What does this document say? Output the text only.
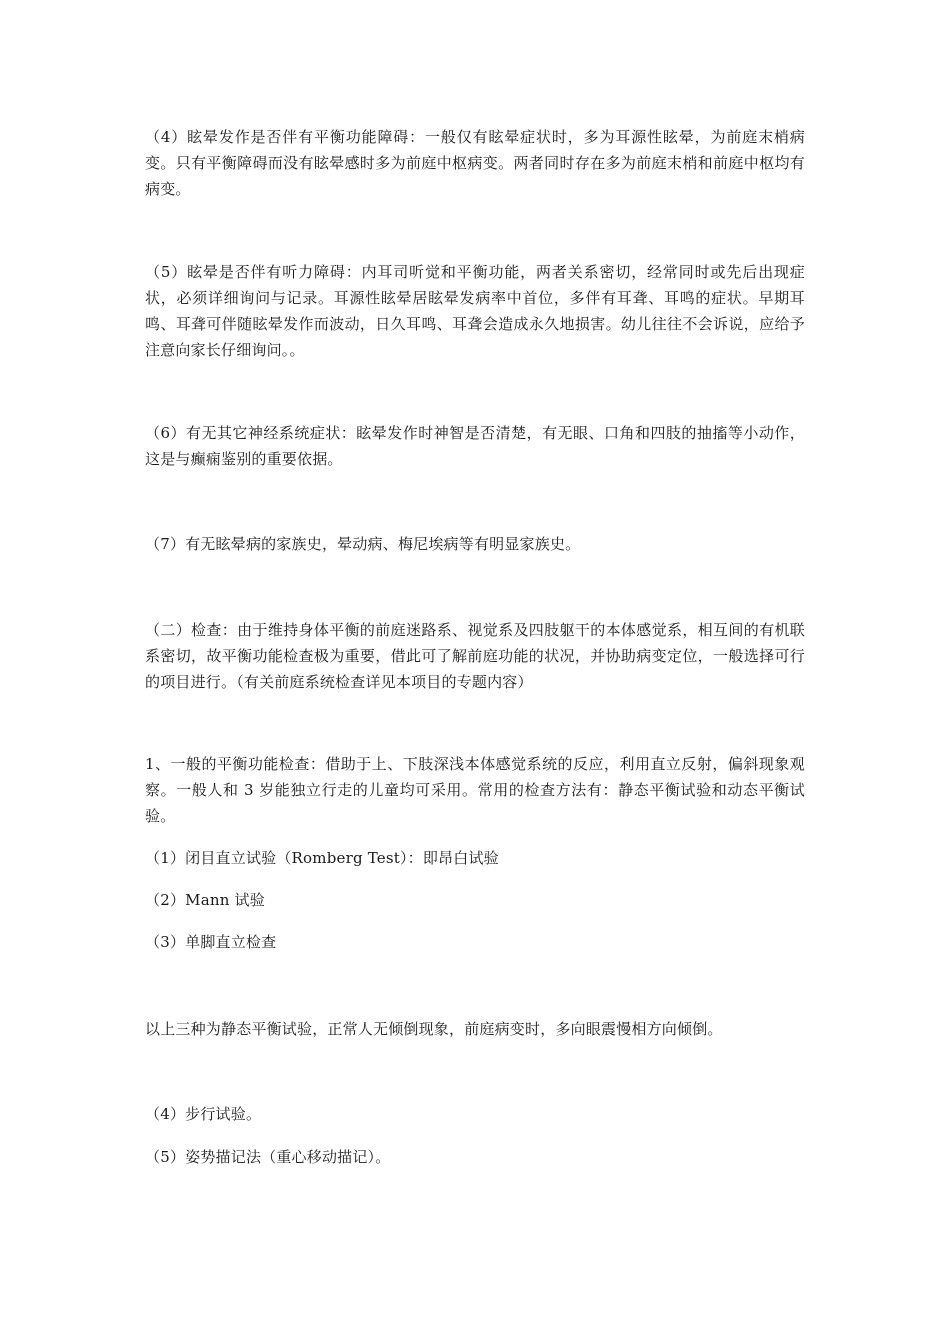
（4）眩晕发作是否伴有平衡功能障碍：一般仅有眩晕症状时，多为耳源性眩晕，为前庭末梢病变。只有平衡障碍而没有眩晕感时多为前庭中枢病变。两者同时存在多为前庭末梢和前庭中枢均有病变。

（5）眩晕是否伴有听力障碍：内耳司听觉和平衡功能，两者关系密切，经常同时或先后出现症状，必须详细询问与记录。耳源性眩晕居眩晕发病率中首位，多伴有耳聋、耳鸣的症状。早期耳鸣、耳聋可伴随眩晕发作而波动，日久耳鸣、耳聋会造成永久地损害。幼儿往往不会诉说，应给予注意向家长仔细询问。。

（6）有无其它神经系统症状：眩晕发作时神智是否清楚，有无眼、口角和四肢的抽搐等小动作，这是与癫痫鉴别的重要依据。

（7）有无眩晕病的家族史，晕动病、梅尼埃病等有明显家族史。

（二）检查：由于维持身体平衡的前庭迷路系、视觉系及四肢躯干的本体感觉系，相互间的有机联系密切，故平衡功能检查极为重要，借此可了解前庭功能的状况，并协助病变定位，一般选择可行的项目进行。（有关前庭系统检查详见本项目的专题内容）

1、一般的平衡功能检查：借助于上、下肢深浅本体感觉系统的反应，利用直立反射，偏斜现象观察。一般人和 3 岁能独立行走的儿童均可采用。常用的检查方法有：静态平衡试验和动态平衡试验。

（1）闭目直立试验（Romberg Test）：即昂白试验

（2）Mann 试验

（3）单脚直立检查

以上三种为静态平衡试验，正常人无倾倒现象，前庭病变时，多向眼震慢相方向倾倒。

（4）步行试验。

（5）姿势描记法（重心移动描记）。
